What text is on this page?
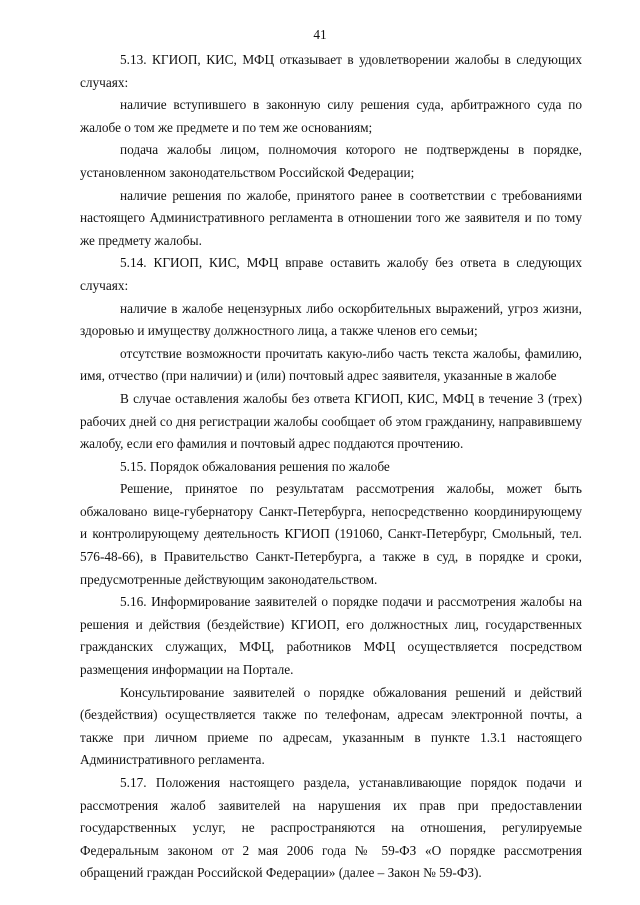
41

5.13. КГИОП, КИС, МФЦ отказывает в удовлетворении жалобы в следующих случаях:

наличие вступившего в законную силу решения суда, арбитражного суда по жалобе о том же предмете и по тем же основаниям;

подача жалобы лицом, полномочия которого не подтверждены в порядке, установленном законодательством Российской Федерации;

наличие решения по жалобе, принятого ранее в соответствии с требованиями настоящего Административного регламента в отношении того же заявителя и по тому же предмету жалобы.

5.14. КГИОП, КИС, МФЦ вправе оставить жалобу без ответа в следующих случаях:

наличие в жалобе нецензурных либо оскорбительных выражений, угроз жизни, здоровью и имуществу должностного лица, а также членов его семьи;

отсутствие возможности прочитать какую-либо часть текста жалобы, фамилию, имя, отчество (при наличии) и (или) почтовый адрес заявителя, указанные в жалобе

В случае оставления жалобы без ответа КГИОП, КИС, МФЦ в течение 3 (трех) рабочих дней со дня регистрации жалобы сообщает об этом гражданину, направившему жалобу, если его фамилия и почтовый адрес поддаются прочтению.

5.15. Порядок обжалования решения по жалобе

Решение, принятое по результатам рассмотрения жалобы, может быть обжаловано вице-губернатору Санкт-Петербурга, непосредственно координирующему

и контролирующему деятельность КГИОП (191060, Санкт-Петербург, Смольный, тел. 576-48-66), в Правительство Санкт-Петербурга, а также в суд, в порядке и сроки, предусмотренные действующим законодательством.

5.16. Информирование заявителей о порядке подачи и рассмотрения жалобы на решения и действия (бездействие) КГИОП, его должностных лиц, государственных гражданских служащих, МФЦ, работников МФЦ осуществляется посредством размещения информации на Портале.

Консультирование заявителей о порядке обжалования решений и действий (бездействия) осуществляется также по телефонам, адресам электронной почты, а также при личном приеме по адресам, указанным в пункте 1.3.1 настоящего Административного регламента.

5.17. Положения настоящего раздела, устанавливающие порядок подачи и рассмотрения жалоб заявителей на нарушения их прав при предоставлении государственных услуг, не распространяются на отношения, регулируемые Федеральным законом от 2 мая 2006 года № 59-ФЗ «О порядке рассмотрения обращений граждан Российской Федерации» (далее – Закон № 59-ФЗ).
